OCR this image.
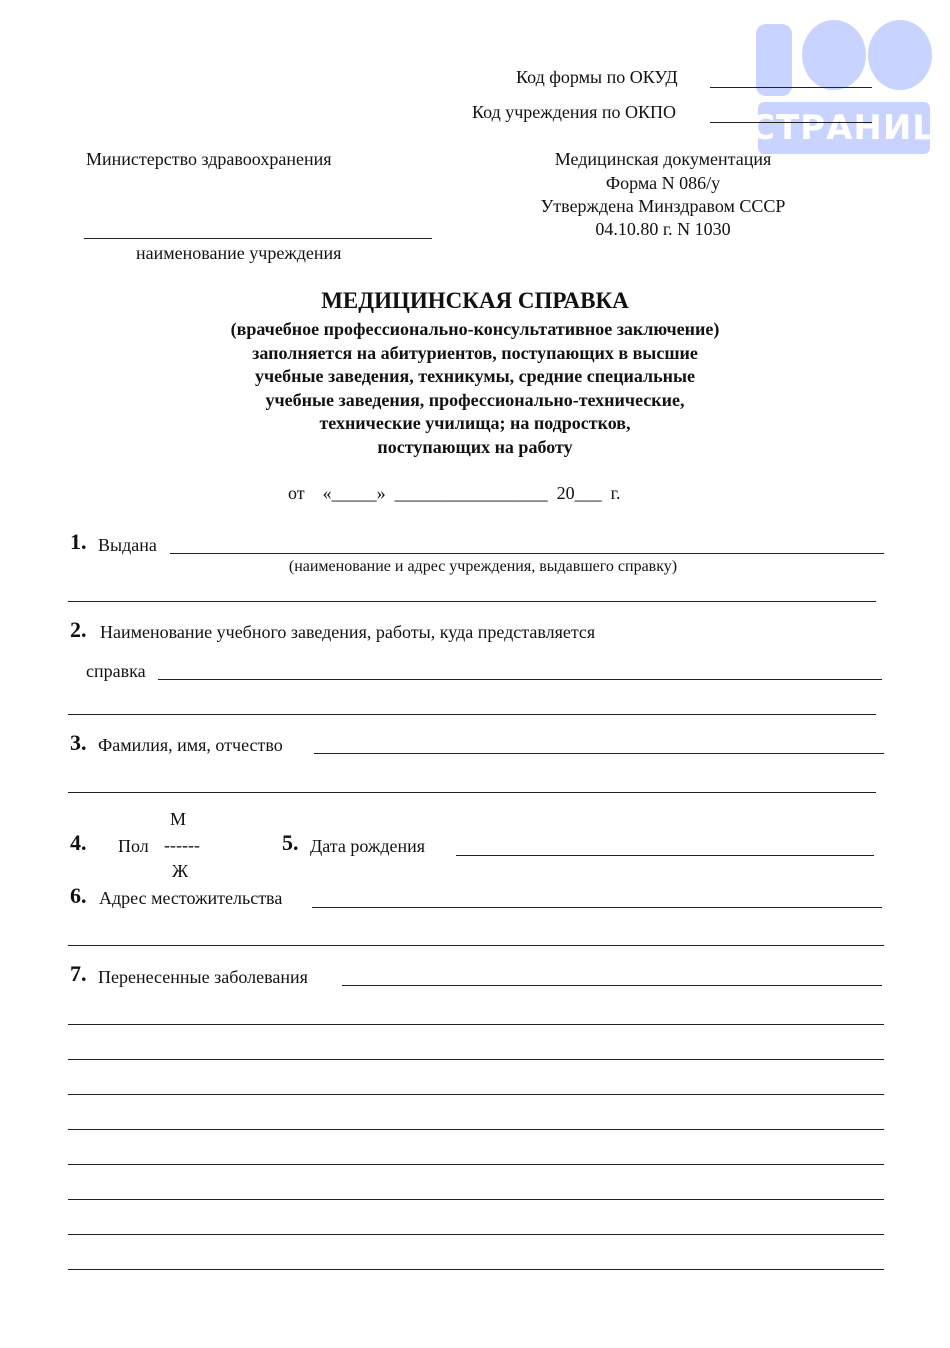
СТРАНИЦ
Код формы по ОКУД
Код учреждения по ОКПО
Министерство здравоохранения
наименование учреждения
Медицинская документация
Форма N 086/у
Утверждена Минздравом СССР
04.10.80 г. N 1030
МЕДИЦИНСКАЯ СПРАВКА
(врачебное профессионально-консультативное заключение)
заполняется на абитуриентов, поступающих в высшие
учебные заведения, техникумы, средние специальные
учебные заведения, профессионально-технические,
технические училища; на подростков,
поступающих на работу
от «_____» _________________ 20___ г.
1. Выдана
(наименование и адрес учреждения, выдавшего справку)
2. Наименование учебного заведения, работы, куда представляется
справка
3. Фамилия, имя, отчество
4. Пол
М
------
Ж
5. Дата рождения
6. Адрес местожительства
7. Перенесенные заболевания
